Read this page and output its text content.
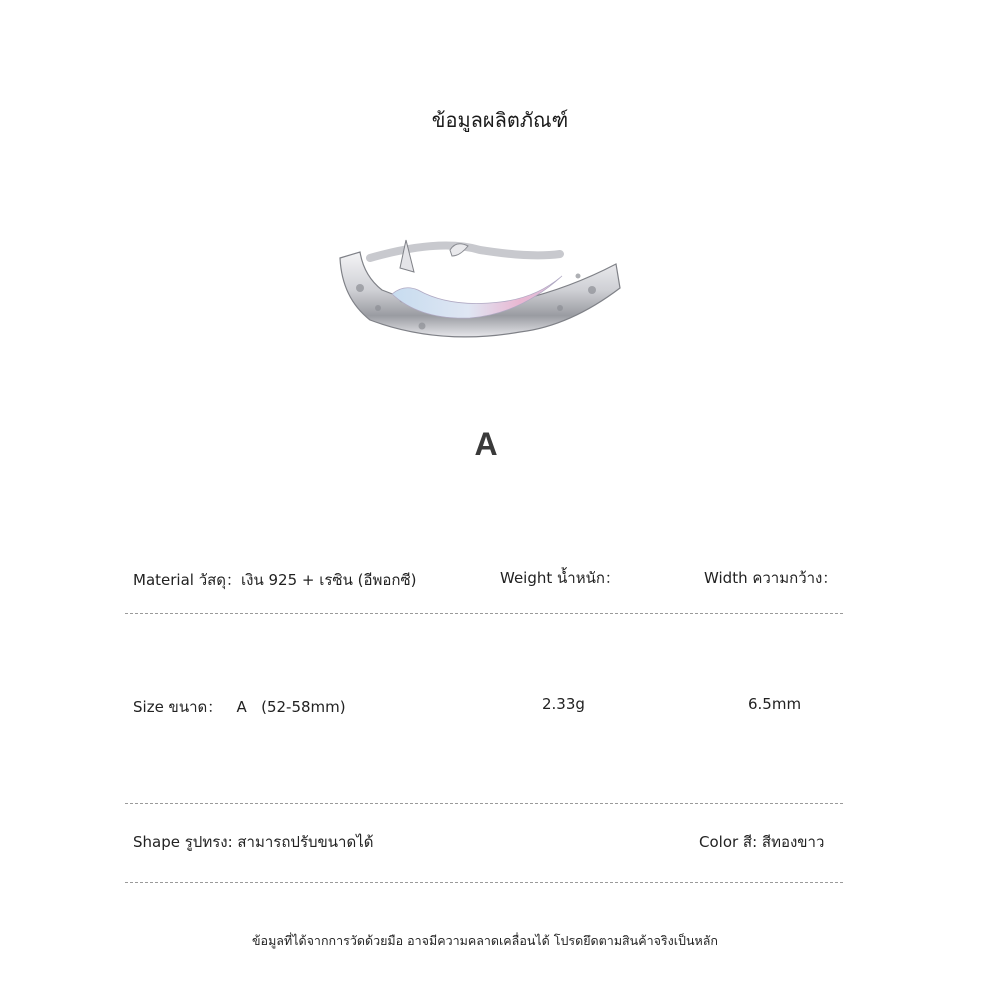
ข้อมูลผลิตภัณฑ์
A
Material วัสดุ：เงิน 925 + เรซิน (อีพอกซี)	Weight น้ำหนัก：	Width ความกว้าง：
Size ขนาด：   A   (52-58mm)	2.33g	6.5mm
Shape รูปทรง: สามารถปรับขนาดได้	Color สี: สีทองขาว
ข้อมูลที่ได้จากการวัดด้วยมือ อาจมีความคลาดเคลื่อนได้ โปรดยึดตามสินค้าจริงเป็นหลัก
